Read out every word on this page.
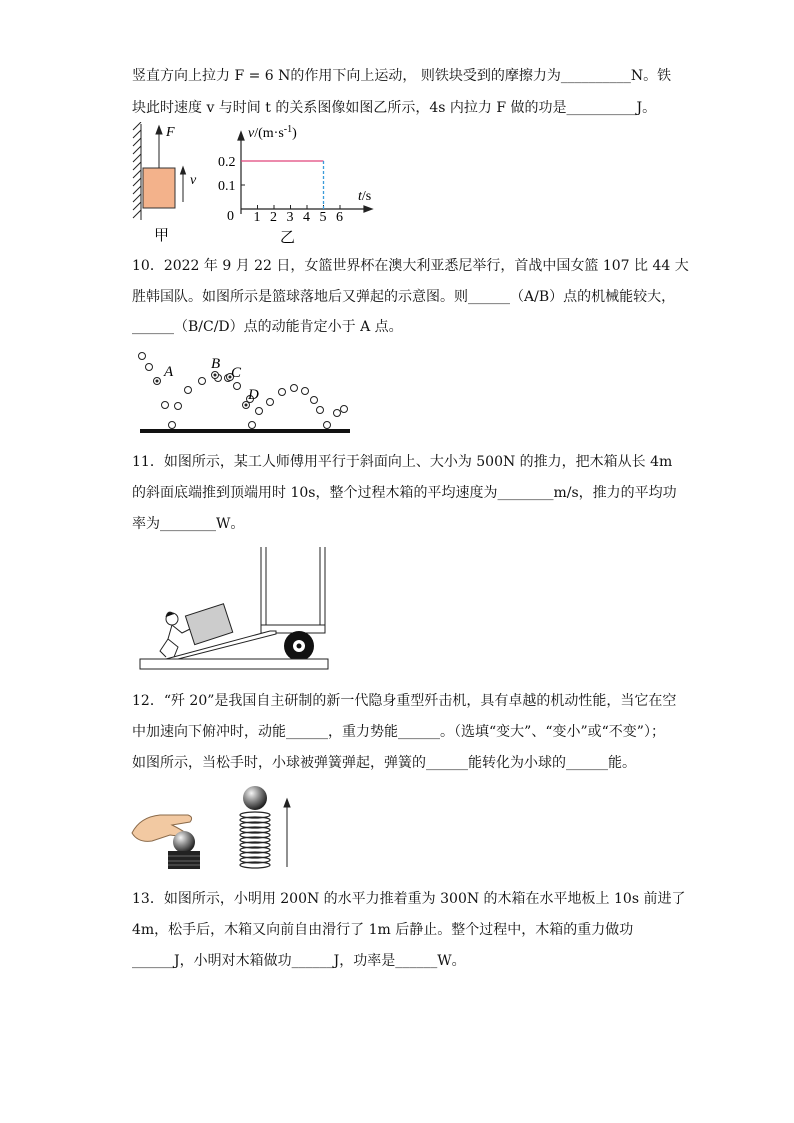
竖直方向上拉力 F = 6 N的作用下向上运动， 则铁块受到的摩擦力为__________N。铁
块此时速度 v 与时间 t 的关系图像如图乙所示，4s 内拉力 F 做的功是__________J。
F
v
甲
$v/(m\cdot s^{-1})$
t/s
0 1 2 3 4 5 6
0.1
0.2
乙
10．2022 年 9 月 22 日，女篮世界杯在澳大利亚悉尼举行，首战中国女篮 107 比 44 大
胜韩国队。如图所示是篮球落地后又弹起的示意图。则______（A/B）点的机械能较大，
______（B/C/D）点的动能肯定小于 A 点。
A	B
C
D
11．如图所示，某工人师傅用平行于斜面向上、大小为 500N 的推力，把木箱从长 4m
的斜面底端推到顶端用时 10s，整个过程木箱的平均速度为________m/s，推力的平均功
率为________W。
12．“歼 20”是我国自主研制的新一代隐身重型歼击机，具有卓越的机动性能，当它在空
中加速向下俯冲时，动能______，重力势能______。（选填“变大”、“变小”或“不变”）；
如图所示，当松手时，小球被弹簧弹起，弹簧的______能转化为小球的______能。
13．如图所示，小明用 200N 的水平力推着重为 300N 的木箱在水平地板上 10s 前进了
4m，松手后，木箱又向前自由滑行了 1m 后静止。整个过程中，木箱的重力做功
______J，小明对木箱做功______J，功率是______W。
